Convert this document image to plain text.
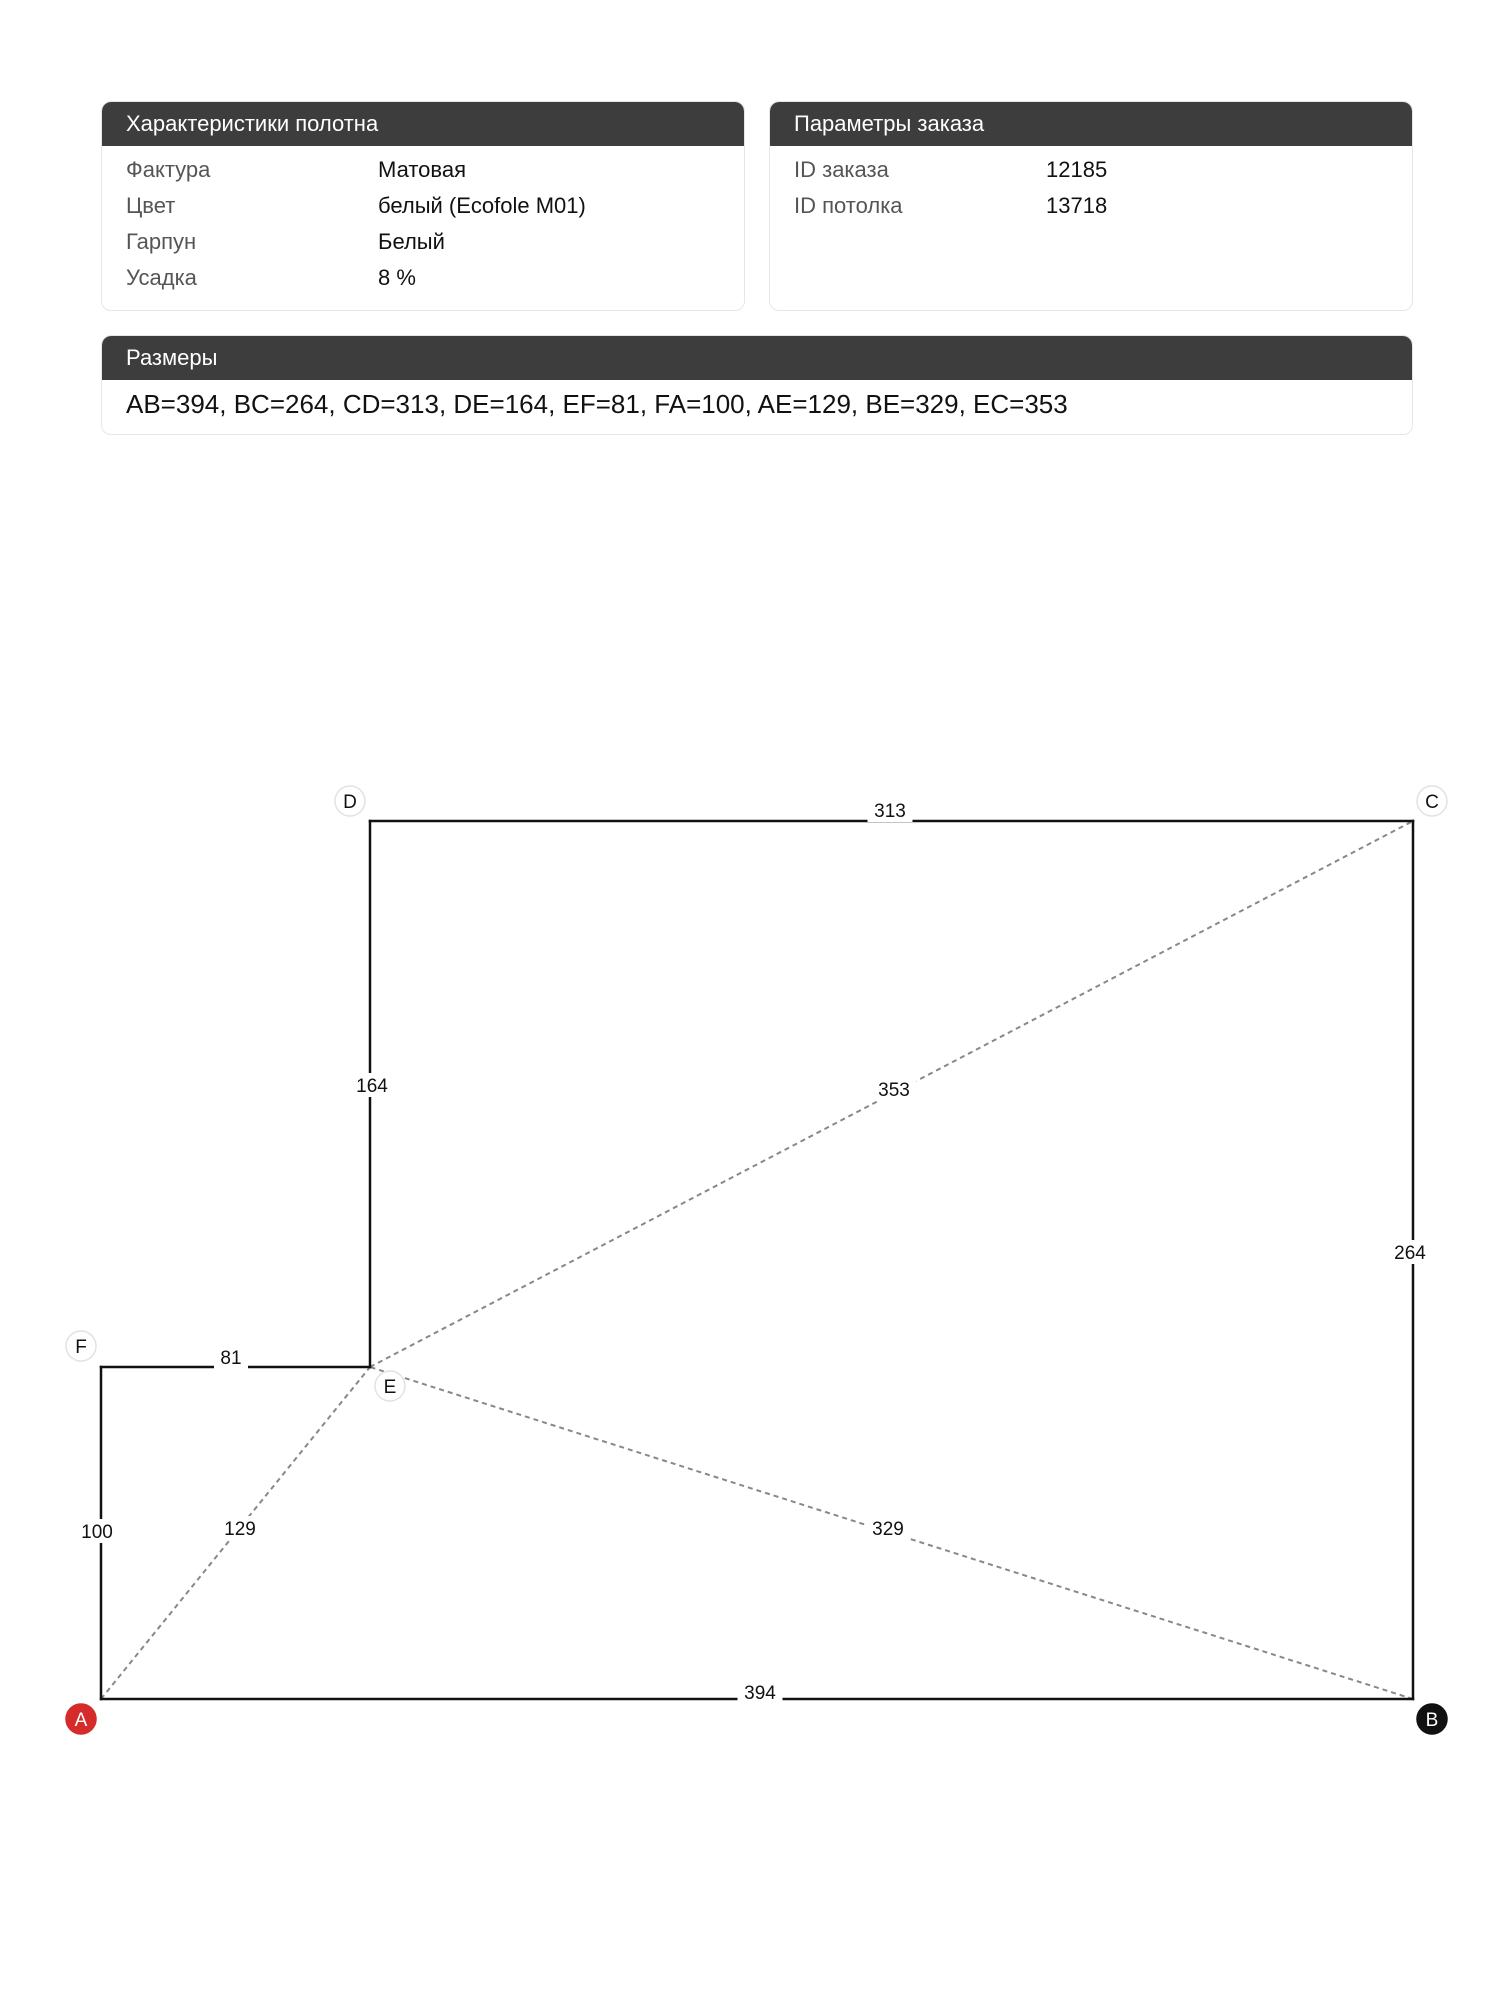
Характеристики полотна
Фактура	Матовая
Цвет	белый (Ecofole M01)
Гарпун	Белый
Усадка	8 %
Параметры заказа
ID заказа	12185
ID потолка	13718
Размеры
AB=394, BC=264, CD=313, DE=164, EF=81, FA=100, AE=129, BE=329, EC=353
394
264
313
164
81
100	129	329
353
A	B
C
D
E
F
